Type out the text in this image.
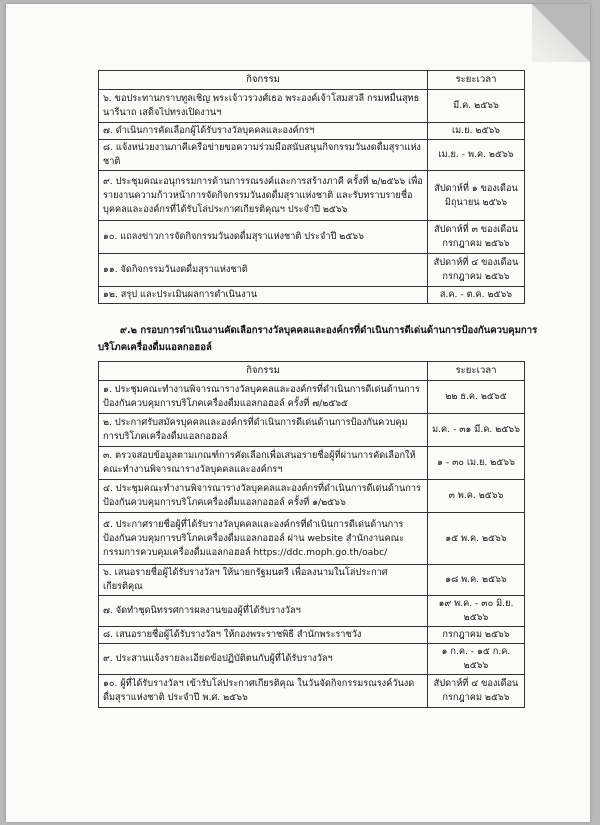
กิจกรรม	ระยะเวลา
๖. ขอประทานกราบทูลเชิญ พระเจ้าวรวงศ์เธอ พระองค์เจ้าโสมสวลี กรมหมื่นสุทธนารีนาถ เสด็จไปทรงเปิดงานฯ	มี.ค. ๒๕๖๖
๗. ดำเนินการคัดเลือกผู้ได้รับรางวัลบุคคลและองค์กรฯ	เม.ย. ๒๕๖๖
๘. แจ้งหน่วยงานภาคีเครือข่ายขอความร่วมมือสนับสนุนกิจกรรมวันงดดื่มสุราแห่งชาติ	เม.ย. - พ.ค. ๒๕๖๖
๙. ประชุมคณะอนุกรรมการด้านการรณรงค์และการสร้างภาคี ครั้งที่ ๒/๒๕๖๖ เพื่อรายงานความก้าวหน้าการจัดกิจกรรมวันงดดื่มสุราแห่งชาติ และรับทราบรายชื่อบุคคลและองค์กรที่ได้รับโล่ประกาศเกียรติคุณฯ ประจำปี ๒๕๖๖	สัปดาห์ที่ ๑ ของเดือนมิถุนายน ๒๕๖๖
๑๐. แถลงข่าวการจัดกิจกรรมวันงดดื่มสุราแห่งชาติ ประจำปี ๒๕๖๖	สัปดาห์ที่ ๓ ของเดือนกรกฎาคม ๒๕๖๖
๑๑. จัดกิจกรรมวันงดดื่มสุราแห่งชาติ	สัปดาห์ที่ ๔ ของเดือนกรกฎาคม ๒๕๖๖
๑๒. สรุป และประเมินผลการดำเนินงาน	ส.ค. - ต.ค. ๒๕๖๖
๙.๒ กรอบการดำเนินงานคัดเลือกรางวัลบุคคลและองค์กรที่ดำเนินการดีเด่นด้านการป้องกันควบคุมการบริโภคเครื่องดื่มแอลกอฮอล์
กิจกรรม	ระยะเวลา
๑. ประชุมคณะทำงานพิจารณารางวัลบุคคลและองค์กรที่ดำเนินการดีเด่นด้านการป้องกันควบคุมการบริโภคเครื่องดื่มแอลกอฮอล์ ครั้งที่ ๗/๒๕๖๕	๒๒ ธ.ค. ๒๕๖๕
๒. ประกาศรับสมัครบุคคลและองค์กรที่ดำเนินการดีเด่นด้านการป้องกันควบคุมการบริโภคเครื่องดื่มแอลกอฮอล์	ม.ค. - ๓๑ มี.ค. ๒๕๖๖
๓. ตรวจสอบข้อมูลตามเกณฑ์การคัดเลือกเพื่อเสนอรายชื่อผู้ที่ผ่านการคัดเลือกให้คณะทำงานพิจารณารางวัลบุคคลและองค์กรฯ	๑ - ๓๐ เม.ย. ๒๕๖๖
๔. ประชุมคณะทำงานพิจารณารางวัลบุคคลและองค์กรที่ดำเนินการดีเด่นด้านการป้องกันควบคุมการบริโภคเครื่องดื่มแอลกอฮอล์ ครั้งที่ ๑/๒๕๖๖	๓ พ.ค. ๒๕๖๖
๕. ประกาศรายชื่อผู้ที่ได้รับรางวัลบุคคลและองค์กรที่ดำเนินการดีเด่นด้านการป้องกันควบคุมการบริโภคเครื่องดื่มแอลกอฮอล์ ผ่าน website สำนักงานคณะกรรมการควบคุมเครื่องดื่มแอลกอฮอล์ https://ddc.moph.go.th/oabc/	๑๕ พ.ค. ๒๕๖๖
๖. เสนอรายชื่อผู้ได้รับรางวัลฯ ให้นายกรัฐมนตรี เพื่อลงนามในโล่ประกาศเกียรติคุณ	๑๘ พ.ค. ๒๕๖๖
๗. จัดทำชุดนิทรรศการผลงานของผู้ที่ได้รับรางวัลฯ	๑๙ พ.ค. - ๓๐ มิ.ย. ๒๕๖๖
๘. เสนอรายชื่อผู้ได้รับรางวัลฯ ให้กองพระราชพิธี สำนักพระราชวัง	กรกฎาคม ๒๕๖๖
๙. ประสานแจ้งรายละเอียดข้อปฏิบัติตนกับผู้ที่ได้รับรางวัลฯ	๑ ก.ค. - ๑๕ ก.ค. ๒๕๖๖
๑๐. ผู้ที่ได้รับรางวัลฯ เข้ารับโล่ประกาศเกียรติคุณ ในวันจัดกิจกรรมรณรงค์วันงดดื่มสุราแห่งชาติ ประจำปี พ.ศ. ๒๕๖๖	สัปดาห์ที่ ๔ ของเดือนกรกฎาคม ๒๕๖๖
